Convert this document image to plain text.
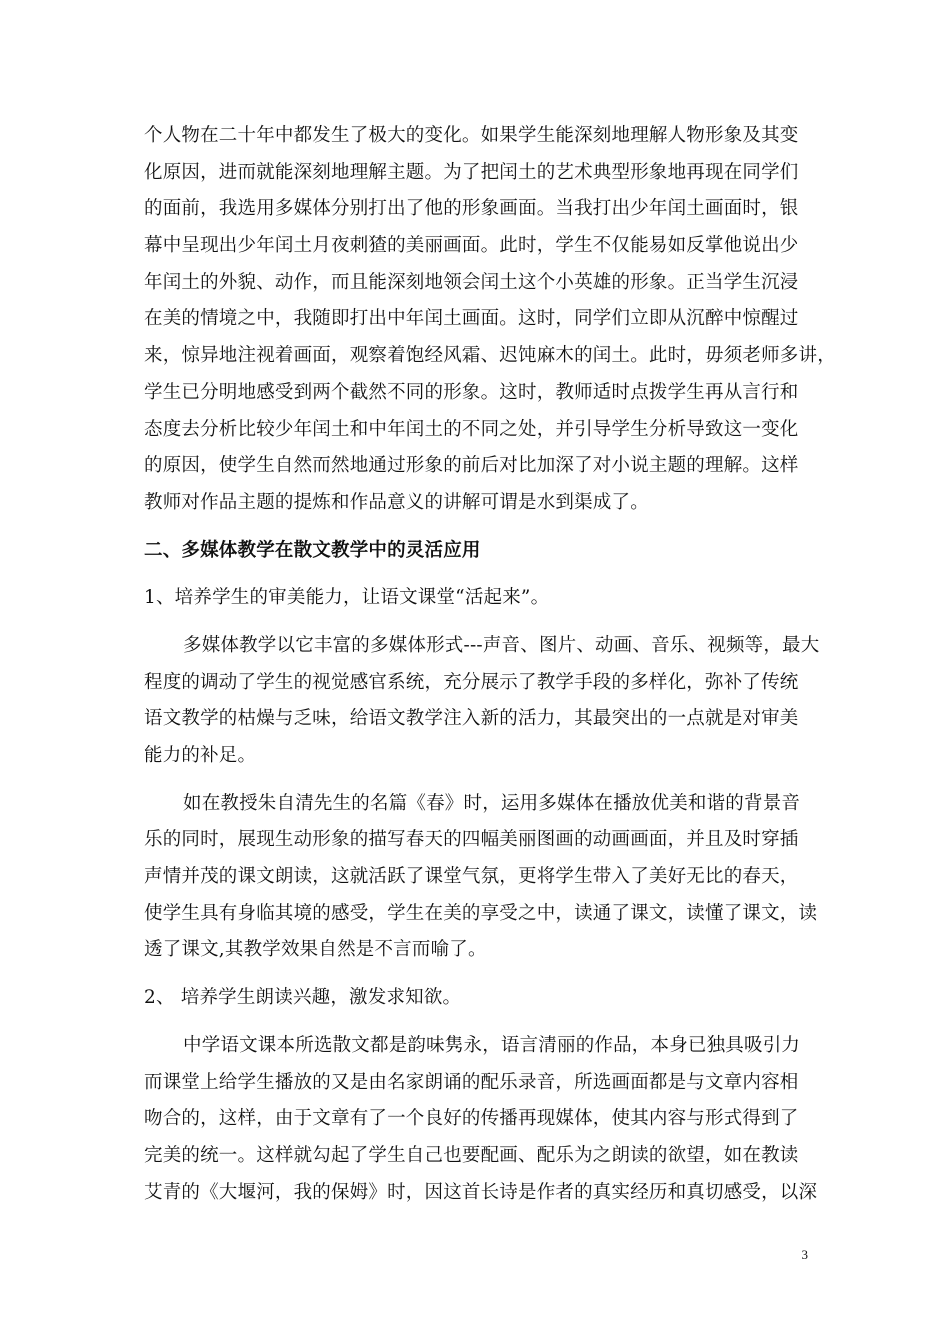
个人物在二十年中都发生了极大的变化。如果学生能深刻地理解人物形象及其变
化原因，进而就能深刻地理解主题。为了把闰土的艺术典型形象地再现在同学们
的面前，我选用多媒体分别打出了他的形象画面。当我打出少年闰土画面时，银
幕中呈现出少年闰土月夜刺猹的美丽画面。此时，学生不仅能易如反掌他说出少
年闰土的外貌、动作，而且能深刻地领会闰土这个小英雄的形象。正当学生沉浸
在美的情境之中，我随即打出中年闰土画面。这时，同学们立即从沉醉中惊醒过
来，惊异地注视着画面，观察着饱经风霜、迟饨麻木的闰土。此时，毋须老师多讲，
学生已分明地感受到两个截然不同的形象。这时，教师适时点拨学生再从言行和
态度去分析比较少年闰土和中年闰土的不同之处，并引导学生分析导致这一变化
的原因，使学生自然而然地通过形象的前后对比加深了对小说主题的理解。这样
教师对作品主题的提炼和作品意义的讲解可谓是水到渠成了。
二、多媒体教学在散文教学中的灵活应用
1、培养学生的审美能力，让语文课堂“活起来”。
多媒体教学以它丰富的多媒体形式---声音、图片、动画、音乐、视频等，最大
程度的调动了学生的视觉感官系统，充分展示了教学手段的多样化，弥补了传统
语文教学的枯燥与乏味，给语文教学注入新的活力，其最突出的一点就是对审美
能力的补足。
如在教授朱自清先生的名篇《春》时，运用多媒体在播放优美和谐的背景音
乐的同时，展现生动形象的描写春天的四幅美丽图画的动画画面，并且及时穿插
声情并茂的课文朗读，这就活跃了课堂气氛，更将学生带入了美好无比的春天，
使学生具有身临其境的感受，学生在美的享受之中，读通了课文，读懂了课文，读
透了课文,其教学效果自然是不言而喻了。
2、 培养学生朗读兴趣，激发求知欲。
中学语文课本所选散文都是韵味隽永，语言清丽的作品，本身已独具吸引力
而课堂上给学生播放的又是由名家朗诵的配乐录音，所选画面都是与文章内容相
吻合的，这样，由于文章有了一个良好的传播再现媒体，使其内容与形式得到了
完美的统一。这样就勾起了学生自己也要配画、配乐为之朗读的欲望，如在教读
艾青的《大堰河，我的保姆》时，因这首长诗是作者的真实经历和真切感受，以深
3
